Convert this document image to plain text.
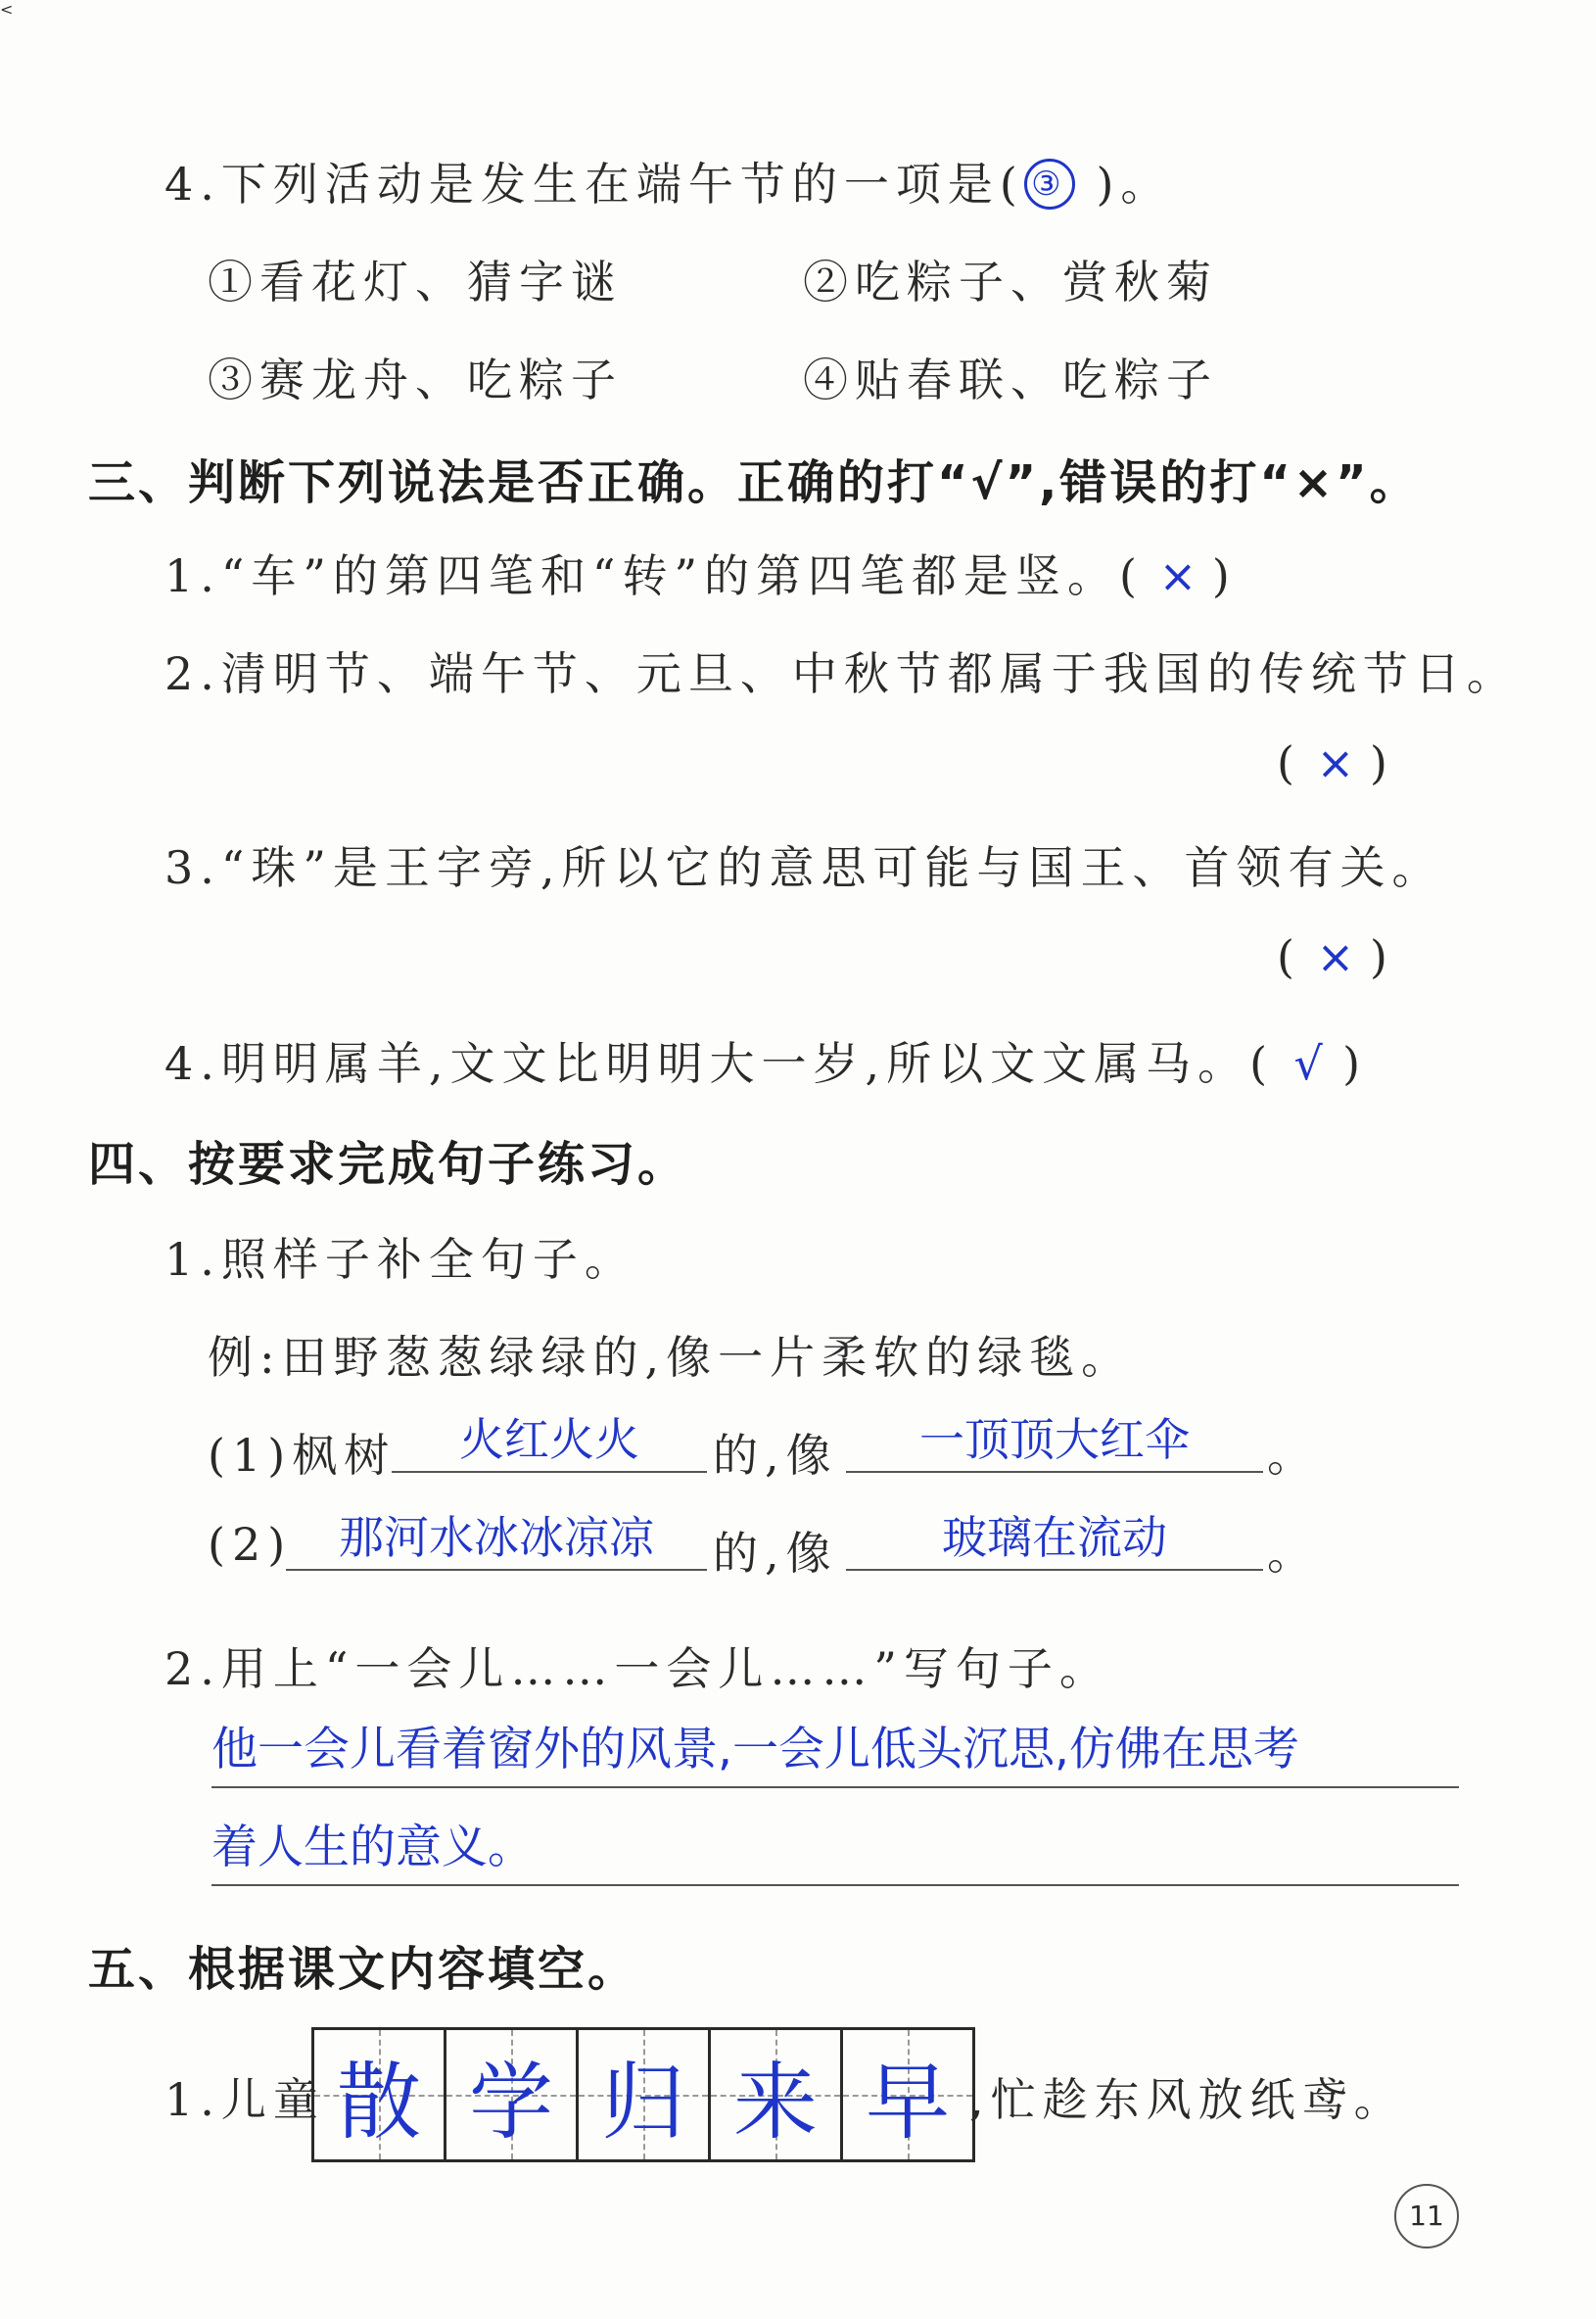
4.下列活动是发生在端午节的一项是( ③ )。
①看花灯、猜字谜	②吃粽子、赏秋菊
③赛龙舟、吃粽子	④贴春联、吃粽子
三、判断下列说法是否正确。正确的打“√”,错误的打“×”。
1.“车”的第四笔和“转”的第四笔都是竖。( × )
2.清明节、端午节、元旦、中秋节都属于我国的传统节日。
( × )
3.“珠”是王字旁,所以它的意思可能与国王、首领有关。
( × )
4.明明属羊,文文比明明大一岁,所以文文属马。( √ )
四、按要求完成句子练习。
1.照样子补全句子。
例:田野葱葱绿绿的,像一片柔软的绿毯。
(1)枫树	火红火火	的,像	一顶顶大红伞	。
(2)	那河水冰冰凉凉	的,像	玻璃在流动	。
2.用上“一会儿……一会儿……”写句子。
他一会儿看着窗外的风景,一会儿低头沉思,仿佛在思考
着人生的意义。
<
五、根据课文内容填空。
1.儿童 散 学 归 来 早 ,忙趁东风放纸鸢。
11
